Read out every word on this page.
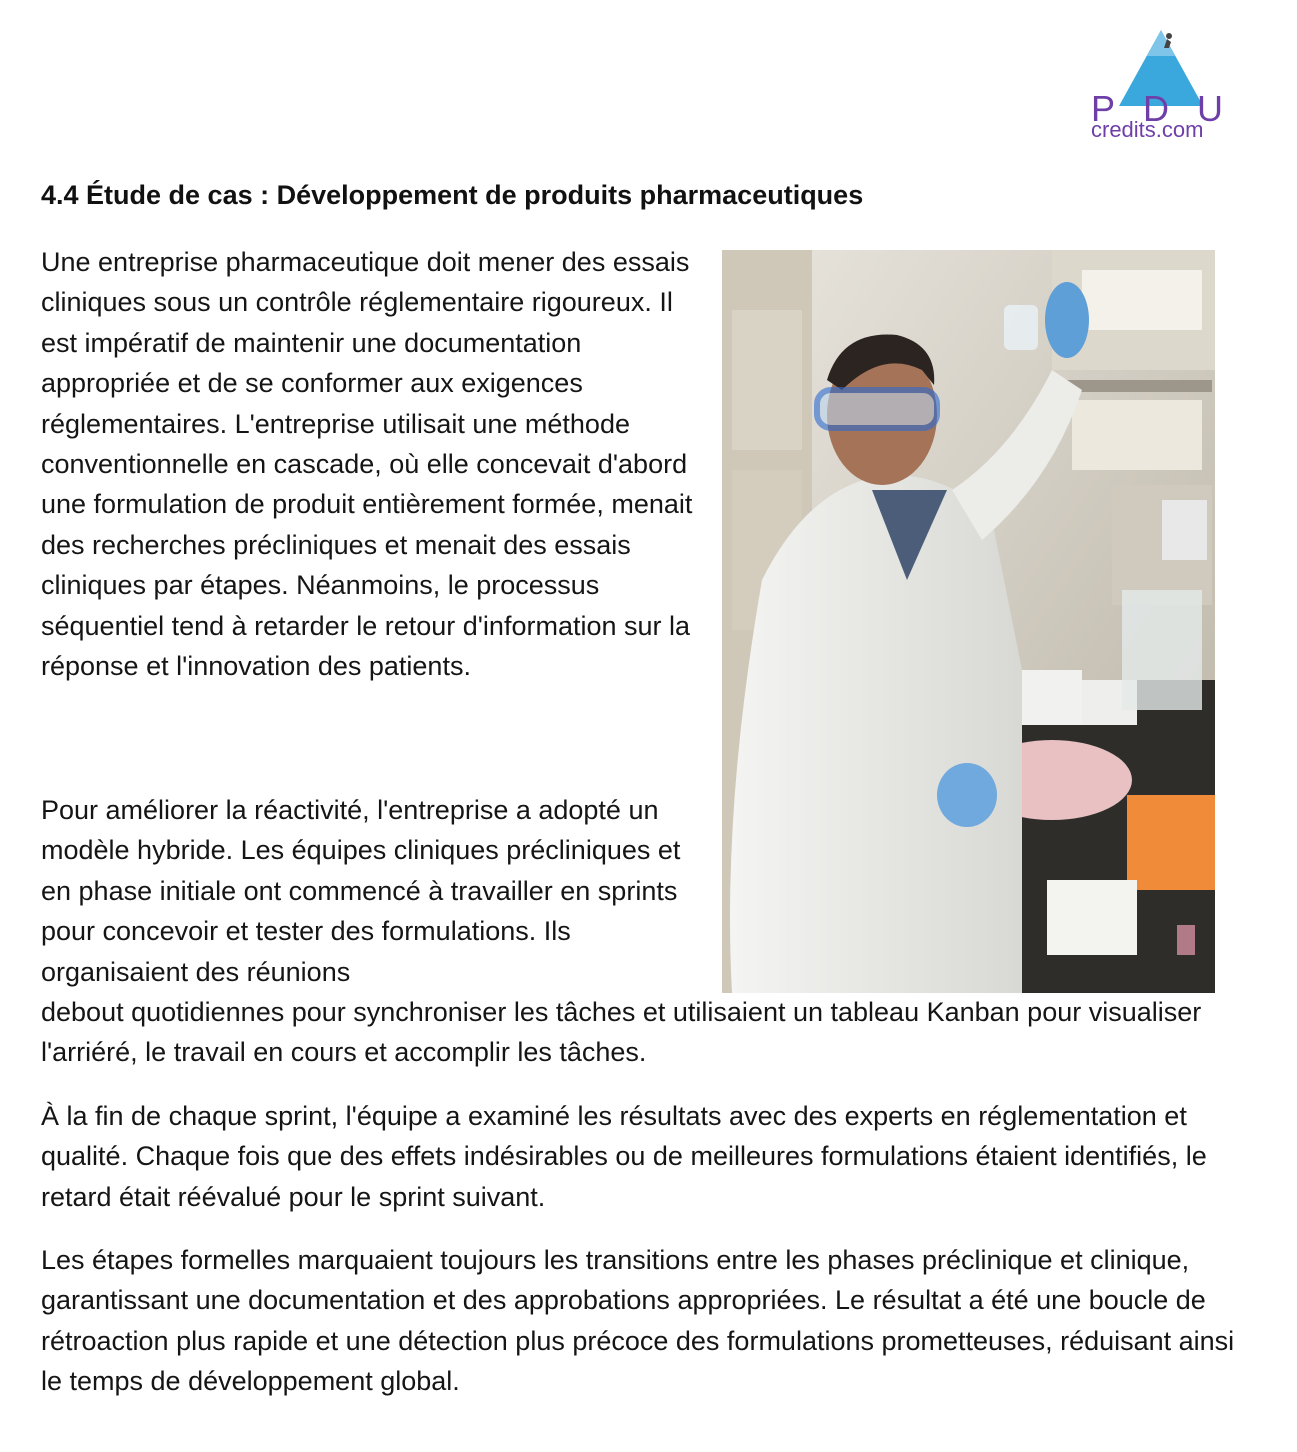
P D U
credits.com
4.4 Étude de cas : Développement de produits pharmaceutiques

Une entreprise pharmaceutique doit mener des essais cliniques sous un contrôle réglementaire rigoureux. Il est impératif de maintenir une documentation appropriée et de se conformer aux exigences réglementaires. L'entreprise utilisait une méthode conventionnelle en cascade, où elle concevait d'abord une formulation de produit entièrement formée, menait des recherches précliniques et menait des essais cliniques par étapes. Néanmoins, le processus séquentiel tend à retarder le retour d'information sur la réponse et l'innovation des patients.

Pour améliorer la réactivité, l'entreprise a adopté un modèle hybride. Les équipes cliniques précliniques et en phase initiale ont commencé à travailler en sprints pour concevoir et tester des formulations. Ils organisaient des réunions
debout quotidiennes pour synchroniser les tâches et utilisaient un tableau Kanban pour visualiser l'arriéré, le travail en cours et accomplir les tâches.

À la fin de chaque sprint, l'équipe a examiné les résultats avec des experts en réglementation et qualité. Chaque fois que des effets indésirables ou de meilleures formulations étaient identifiés, le retard était réévalué pour le sprint suivant.

Les étapes formelles marquaient toujours les transitions entre les phases préclinique et clinique, garantissant une documentation et des approbations appropriées. Le résultat a été une boucle de rétroaction plus rapide et une détection plus précoce des formulations prometteuses, réduisant ainsi le temps de développement global.
